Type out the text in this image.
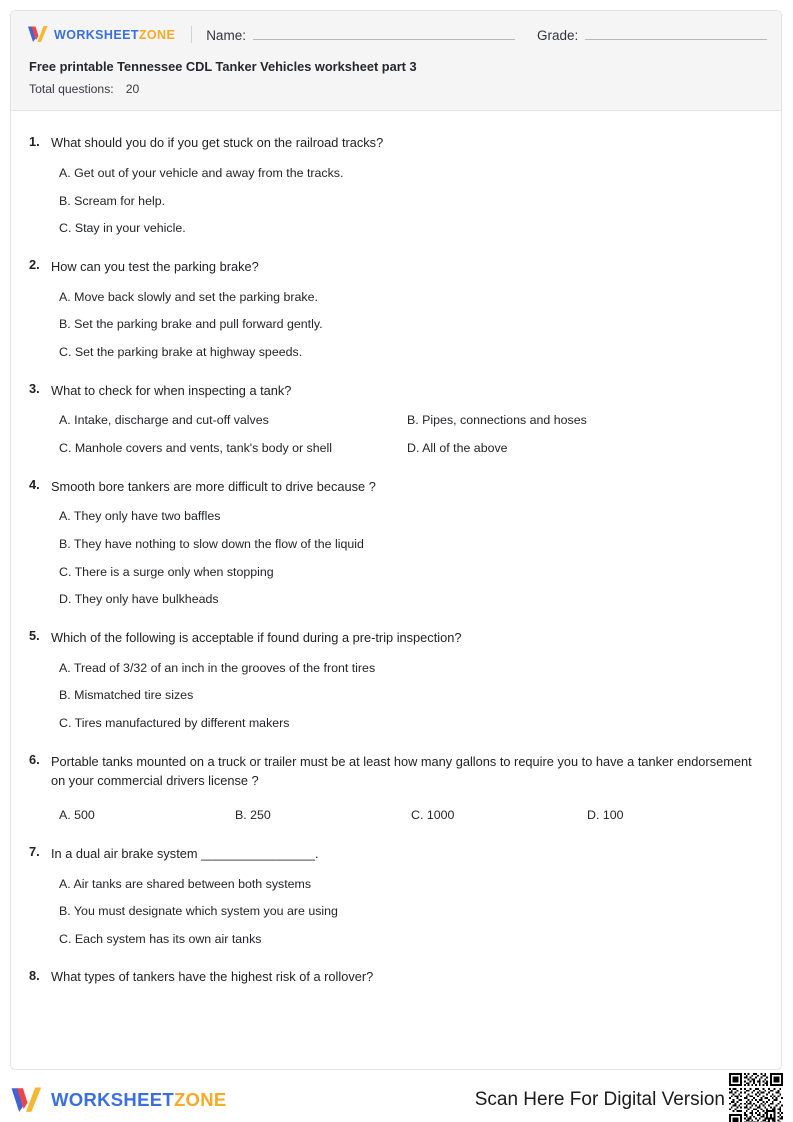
WORKSHEETZONE Name:	Grade:
Free printable Tennessee CDL Tanker Vehicles worksheet part 3
Total questions: 20
1. What should you do if you get stuck on the railroad tracks?
A. Get out of your vehicle and away from the tracks.
B. Scream for help.
C. Stay in your vehicle.
2. How can you test the parking brake?
A. Move back slowly and set the parking brake.
B. Set the parking brake and pull forward gently.
C. Set the parking brake at highway speeds.
3. What to check for when inspecting a tank?
A. Intake, discharge and cut-off valves	B. Pipes, connections and hoses
C. Manhole covers and vents, tank's body or shell	D. All of the above
4. Smooth bore tankers are more difficult to drive because ?
A. They only have two baffles
B. They have nothing to slow down the flow of the liquid
C. There is a surge only when stopping
D. They only have bulkheads
5. Which of the following is acceptable if found during a pre-trip inspection?
A. Tread of 3/32 of an inch in the grooves of the front tires
B. Mismatched tire sizes
C. Tires manufactured by different makers
6. Portable tanks mounted on a truck or trailer must be at least how many gallons to require you to have a tanker endorsement on your commercial drivers license ?
A. 500	B. 250	C. 1000	D. 100
7. In a dual air brake system ________________.
A. Air tanks are shared between both systems
B. You must designate which system you are using
C. Each system has its own air tanks
8. What types of tankers have the highest risk of a rollover?
WORKSHEETZONE	Scan Here For Digital Version
